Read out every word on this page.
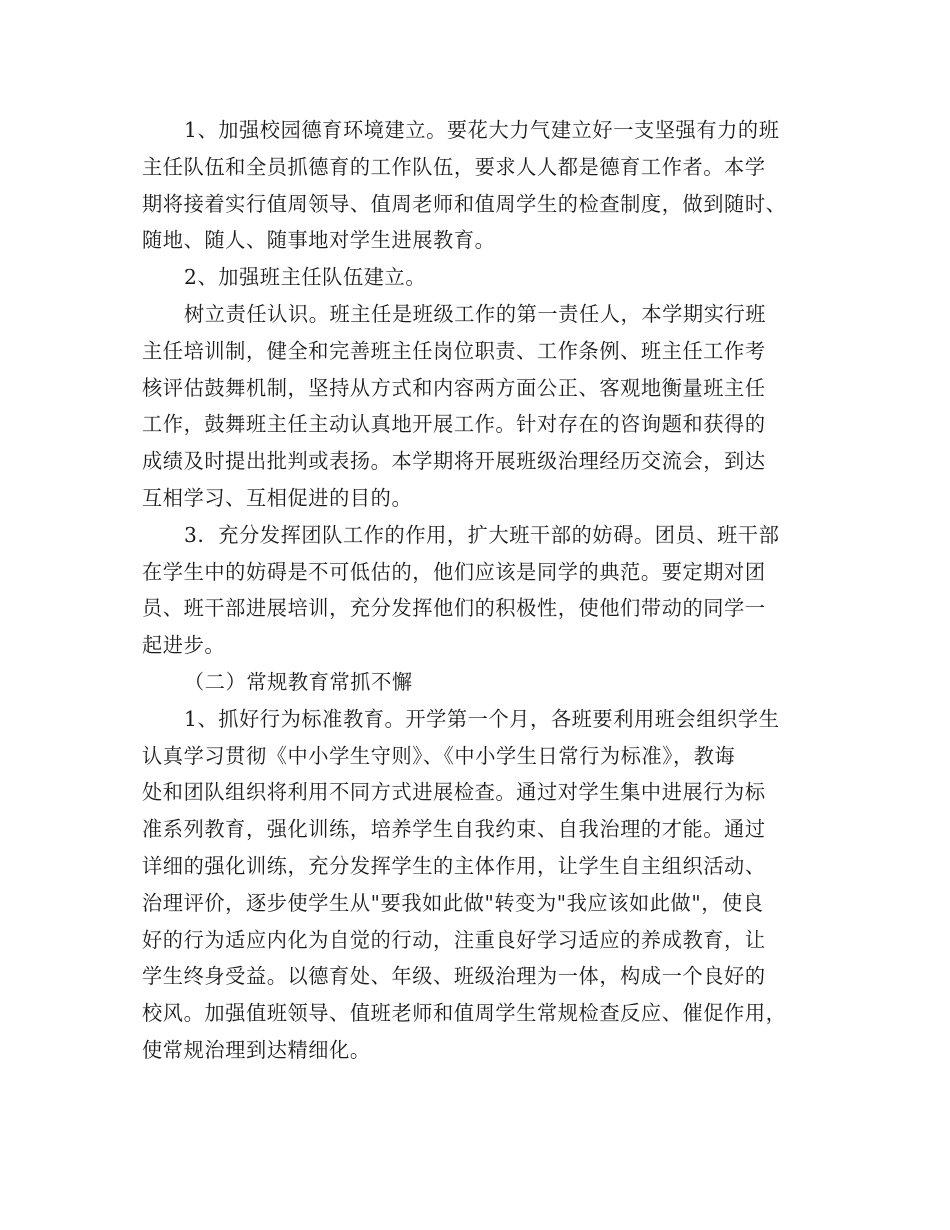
1、加强校园德育环境建立。要花大力气建立好一支坚强有力的班
主任队伍和全员抓德育的工作队伍，要求人人都是德育工作者。本学
期将接着实行值周领导、值周老师和值周学生的检查制度，做到随时、
随地、随人、随事地对学生进展教育。

2、加强班主任队伍建立。

树立责任认识。班主任是班级工作的第一责任人，本学期实行班
主任培训制，健全和完善班主任岗位职责、工作条例、班主任工作考
核评估鼓舞机制，坚持从方式和内容两方面公正、客观地衡量班主任
工作，鼓舞班主任主动认真地开展工作。针对存在的咨询题和获得的
成绩及时提出批判或表扬。本学期将开展班级治理经历交流会，到达
互相学习、互相促进的目的。

3．充分发挥团队工作的作用，扩大班干部的妨碍。团员、班干部
在学生中的妨碍是不可低估的，他们应该是同学的典范。要定期对团
员、班干部进展培训，充分发挥他们的积极性，使他们带动的同学一
起进步。

（二）常规教育常抓不懈

1、抓好行为标准教育。开学第一个月，各班要利用班会组织学生
认真学习贯彻《中小学生守则》、《中小学生日常行为标准》，教诲
处和团队组织将利用不同方式进展检查。通过对学生集中进展行为标
准系列教育，强化训练，培养学生自我约束、自我治理的才能。通过
详细的强化训练，充分发挥学生的主体作用，让学生自主组织活动、
治理评价，逐步使学生从"要我如此做"转变为"我应该如此做"，使良
好的行为适应内化为自觉的行动，注重良好学习适应的养成教育，让
学生终身受益。以德育处、年级、班级治理为一体，构成一个良好的
校风。加强值班领导、值班老师和值周学生常规检查反应、催促作用，
使常规治理到达精细化。
